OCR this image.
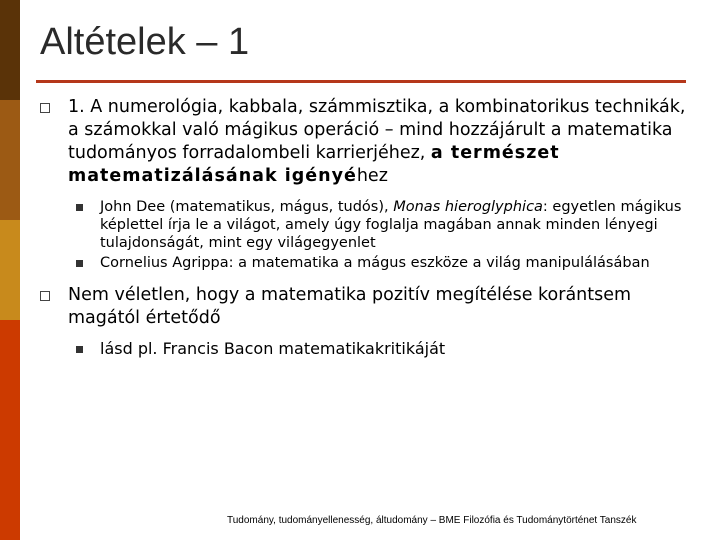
Altételek – 1
1. A numerológia, kabbala, számmisztika, a kombinatorikus technikák, a számokkal való mágikus operáció – mind hozzájárult a matematika tudományos forradalombeli karrierjéhez, a természet matematizálásának igényéhez
John Dee (matematikus, mágus, tudós), Monas hieroglyphica: egyetlen mágikus képlettel írja le a világot, amely úgy foglalja magában annak minden lényegi tulajdonságát, mint egy világegyenlet
Cornelius Agrippa: a matematika a mágus eszköze a világ manipulálásában
Nem véletlen, hogy a matematika pozitív megítélése korántsem magától értetődő
lásd pl. Francis Bacon matematikakritikáját
Tudomány, tudományellenesség, áltudomány – BME Filozófia és Tudománytörténet Tanszék
